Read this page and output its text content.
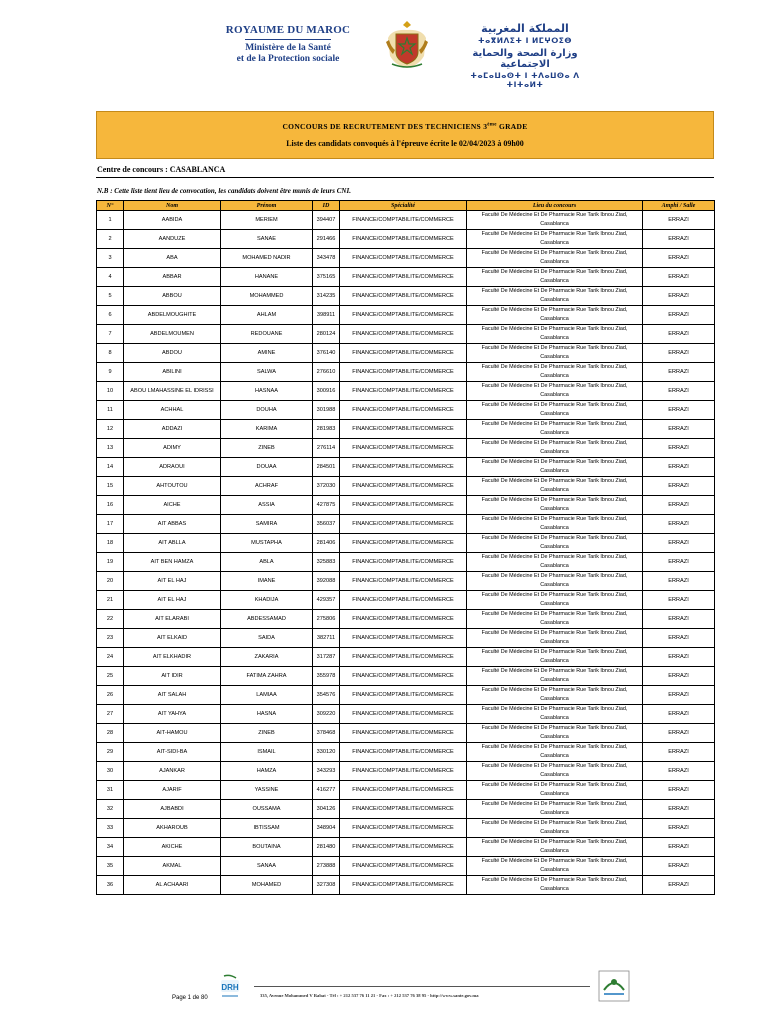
ROYAUME DU MAROC
Ministère de la Santé
et de la Protection sociale
المملكة المغربية
ⵜⴰⴳⵍⴷⵉⵜ ⵏ ⵍⵎⵖⵔⵉⴱ
وزارة الصحة والحماية الاجتماعية
ⵜⴰⵎⴰⵡⴰⵙⵜ ⵏ ⵜⴷⴰⵡⵙⴰ ⴷ ⵜⵏⵜⴰⵍⵜ
CONCOURS DE RECRUTEMENT DES TECHNICIENS 3ème GRADE
Liste des candidats convoqués à l'épreuve écrite le 02/04/2023 à 09h00
Centre de concours : CASABLANCA
N.B : Cette liste tient lieu de convocation, les candidats doivent être munis de leurs CNI.
N°	Nom	Prénom	ID	Spécialité	Lieu du concours	Amphi / Salle
1	AABIDA	MERIEM	394407	FINANCE/COMPTABILITE/COMMERCE	Faculté De Médecine Et De Pharmacie Rue Tarik Ibnou Ziad, Casablanca	ERRAZI
2	AANDUZE	SANAE	291466	FINANCE/COMPTABILITE/COMMERCE	Faculté De Médecine Et De Pharmacie Rue Tarik Ibnou Ziad, Casablanca	ERRAZI
3	ABA	MOHAMED NADIR	343478	FINANCE/COMPTABILITE/COMMERCE	Faculté De Médecine Et De Pharmacie Rue Tarik Ibnou Ziad, Casablanca	ERRAZI
4	ABBAR	HANANE	375165	FINANCE/COMPTABILITE/COMMERCE	Faculté De Médecine Et De Pharmacie Rue Tarik Ibnou Ziad, Casablanca	ERRAZI
5	ABBOU	MOHAMMED	314235	FINANCE/COMPTABILITE/COMMERCE	Faculté De Médecine Et De Pharmacie Rue Tarik Ibnou Ziad, Casablanca	ERRAZI
6	ABDELMOUGHITE	AHLAM	398911	FINANCE/COMPTABILITE/COMMERCE	Faculté De Médecine Et De Pharmacie Rue Tarik Ibnou Ziad, Casablanca	ERRAZI
7	ABDELMOUMEN	REDOUANE	280124	FINANCE/COMPTABILITE/COMMERCE	Faculté De Médecine Et De Pharmacie Rue Tarik Ibnou Ziad, Casablanca	ERRAZI
8	ABDOU	AMINE	376140	FINANCE/COMPTABILITE/COMMERCE	Faculté De Médecine Et De Pharmacie Rue Tarik Ibnou Ziad, Casablanca	ERRAZI
9	ABILINI	SALWA	276610	FINANCE/COMPTABILITE/COMMERCE	Faculté De Médecine Et De Pharmacie Rue Tarik Ibnou Ziad, Casablanca	ERRAZI
10	ABOU LMAHASSINE EL IDRISSI	HASNAA	300916	FINANCE/COMPTABILITE/COMMERCE	Faculté De Médecine Et De Pharmacie Rue Tarik Ibnou Ziad, Casablanca	ERRAZI
11	ACHHAL	DOUHA	301988	FINANCE/COMPTABILITE/COMMERCE	Faculté De Médecine Et De Pharmacie Rue Tarik Ibnou Ziad, Casablanca	ERRAZI
12	ADDAZI	KARIMA	281983	FINANCE/COMPTABILITE/COMMERCE	Faculté De Médecine Et De Pharmacie Rue Tarik Ibnou Ziad, Casablanca	ERRAZI
13	ADIMY	ZINEB	276114	FINANCE/COMPTABILITE/COMMERCE	Faculté De Médecine Et De Pharmacie Rue Tarik Ibnou Ziad, Casablanca	ERRAZI
14	ADRAOUI	DOUAA	284501	FINANCE/COMPTABILITE/COMMERCE	Faculté De Médecine Et De Pharmacie Rue Tarik Ibnou Ziad, Casablanca	ERRAZI
15	AHTOUTOU	ACHRAF	372030	FINANCE/COMPTABILITE/COMMERCE	Faculté De Médecine Et De Pharmacie Rue Tarik Ibnou Ziad, Casablanca	ERRAZI
16	AICHE	ASSIA	427875	FINANCE/COMPTABILITE/COMMERCE	Faculté De Médecine Et De Pharmacie Rue Tarik Ibnou Ziad, Casablanca	ERRAZI
17	AIT ABBAS	SAMIRA	356037	FINANCE/COMPTABILITE/COMMERCE	Faculté De Médecine Et De Pharmacie Rue Tarik Ibnou Ziad, Casablanca	ERRAZI
18	AIT ABLLA	MUSTAPHA	281406	FINANCE/COMPTABILITE/COMMERCE	Faculté De Médecine Et De Pharmacie Rue Tarik Ibnou Ziad, Casablanca	ERRAZI
19	AIT BEN HAMZA	ABLA	325883	FINANCE/COMPTABILITE/COMMERCE	Faculté De Médecine Et De Pharmacie Rue Tarik Ibnou Ziad, Casablanca	ERRAZI
20	AIT EL HAJ	IMANE	392088	FINANCE/COMPTABILITE/COMMERCE	Faculté De Médecine Et De Pharmacie Rue Tarik Ibnou Ziad, Casablanca	ERRAZI
21	AIT EL HAJ	KHADIJA	429357	FINANCE/COMPTABILITE/COMMERCE	Faculté De Médecine Et De Pharmacie Rue Tarik Ibnou Ziad, Casablanca	ERRAZI
22	AIT ELARABI	ABDESSAMAD	275806	FINANCE/COMPTABILITE/COMMERCE	Faculté De Médecine Et De Pharmacie Rue Tarik Ibnou Ziad, Casablanca	ERRAZI
23	AIT ELKAID	SAIDA	382711	FINANCE/COMPTABILITE/COMMERCE	Faculté De Médecine Et De Pharmacie Rue Tarik Ibnou Ziad, Casablanca	ERRAZI
24	AIT ELKHADIR	ZAKARIA	317287	FINANCE/COMPTABILITE/COMMERCE	Faculté De Médecine Et De Pharmacie Rue Tarik Ibnou Ziad, Casablanca	ERRAZI
25	AIT IDIR	FATIMA ZAHRA	355978	FINANCE/COMPTABILITE/COMMERCE	Faculté De Médecine Et De Pharmacie Rue Tarik Ibnou Ziad, Casablanca	ERRAZI
26	AIT SALAH	LAMIAA	354576	FINANCE/COMPTABILITE/COMMERCE	Faculté De Médecine Et De Pharmacie Rue Tarik Ibnou Ziad, Casablanca	ERRAZI
27	AIT YAHYA	HASNA	309220	FINANCE/COMPTABILITE/COMMERCE	Faculté De Médecine Et De Pharmacie Rue Tarik Ibnou Ziad, Casablanca	ERRAZI
28	AIT-HAMOU	ZINEB	378468	FINANCE/COMPTABILITE/COMMERCE	Faculté De Médecine Et De Pharmacie Rue Tarik Ibnou Ziad, Casablanca	ERRAZI
29	AIT-SIDI-BA	ISMAIL	330120	FINANCE/COMPTABILITE/COMMERCE	Faculté De Médecine Et De Pharmacie Rue Tarik Ibnou Ziad, Casablanca	ERRAZI
30	AJANKAR	HAMZA	343293	FINANCE/COMPTABILITE/COMMERCE	Faculté De Médecine Et De Pharmacie Rue Tarik Ibnou Ziad, Casablanca	ERRAZI
31	AJARIF	YASSINE	416277	FINANCE/COMPTABILITE/COMMERCE	Faculté De Médecine Et De Pharmacie Rue Tarik Ibnou Ziad, Casablanca	ERRAZI
32	AJBABDI	OUSSAMA	304126	FINANCE/COMPTABILITE/COMMERCE	Faculté De Médecine Et De Pharmacie Rue Tarik Ibnou Ziad, Casablanca	ERRAZI
33	AKHAROUB	IBTISSAM	348904	FINANCE/COMPTABILITE/COMMERCE	Faculté De Médecine Et De Pharmacie Rue Tarik Ibnou Ziad, Casablanca	ERRAZI
34	AKICHE	BOUTAINA	281480	FINANCE/COMPTABILITE/COMMERCE	Faculté De Médecine Et De Pharmacie Rue Tarik Ibnou Ziad, Casablanca	ERRAZI
35	AKMAL	SANAA	273888	FINANCE/COMPTABILITE/COMMERCE	Faculté De Médecine Et De Pharmacie Rue Tarik Ibnou Ziad, Casablanca	ERRAZI
36	AL ACHAARI	MOHAMED	327308	FINANCE/COMPTABILITE/COMMERCE	Faculté De Médecine Et De Pharmacie Rue Tarik Ibnou Ziad, Casablanca	ERRAZI
DRH
Page 1 de 80	335, Avenue Mohammed V Rabat - Tél : + 212 537 76 11 21 - Fax : + 212 537 76 38 95 - http://www.sante.gov.ma
